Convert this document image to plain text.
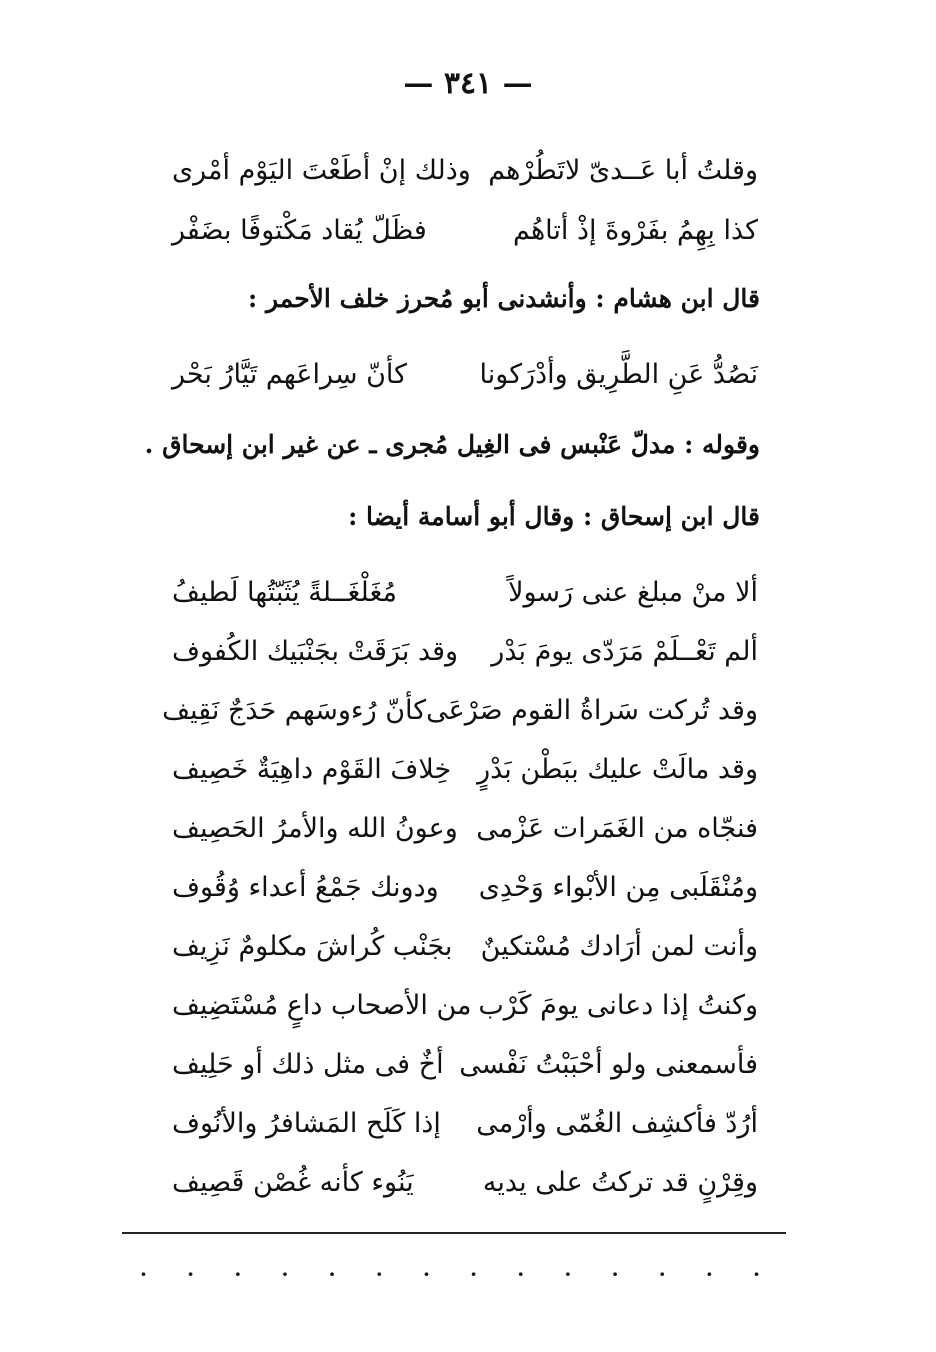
— ٣٤١ —
وقلتُ أبا عَــدىّ لاتَطُرْهم
وذلك إنْ أطَعْتَ اليَوْم أمْرى
كذا بِهِمُ بفَرْوةَ إذْ أتاهُم
فظَلّ يُقاد مَكْتوفًا بضَفْر
قال ابن هشام : وأنشدنى أبو مُحرز خلف الأحمر :
نَصُدُّ عَنِ الطَّرِيق وأدْرَكونا
كأنّ سِراعَهم تَيَّارُ بَحْر
وقوله : مدلّ عَنْبس فى الغِيل مُجرى ـ عن غير ابن إسحاق .
قال ابن إسحاق : وقال أبو أسامة أيضا :
ألا منْ مبلغ عنى رَسولاً
مُغَلْغَــلةً يُثَبّتُها لَطيفُ
ألم تَعْــلَمْ مَرَدّى يومَ بَدْر
وقد بَرَقَتْ بجَنْبَيك الكُفوف
وقد تُركت سَراةُ القوم صَرْعَى
كأنّ رُءوسَهم حَدَجٌ نَقِيف
وقد مالَتْ عليك ببَطْن بَدْرٍ
خِلافَ القَوْم داهِيَةٌ خَصِيف
فنجّاه من الغَمَرات عَزْمى
وعونُ الله والأمرُ الحَصِيف
ومُنْقَلَبى مِن الأبْواء وَحْدِى
ودونك جَمْعُ أعداء وُقُوف
وأنت لمن أرَادك مُسْتكينٌ
بجَنْب كُراشَ مكلومٌ نَزِيف
وكنتُ إذا دعانى يومَ كَرْب
من الأصحاب داعٍ مُسْتَضِيف
فأسمعنى ولو أحْبَبْتُ نَفْسى
أخٌ فى مثل ذلك أو حَلِيف
أرُدّ فأكشِف الغُمّى وأرْمى
إذا كَلَح المَشافرُ والأنُوف
وقِرْنٍ قد تركتُ على يديه
يَنُوء كأنه غُصْن قَصِيف
· · · · · · · · · · · · · ·
